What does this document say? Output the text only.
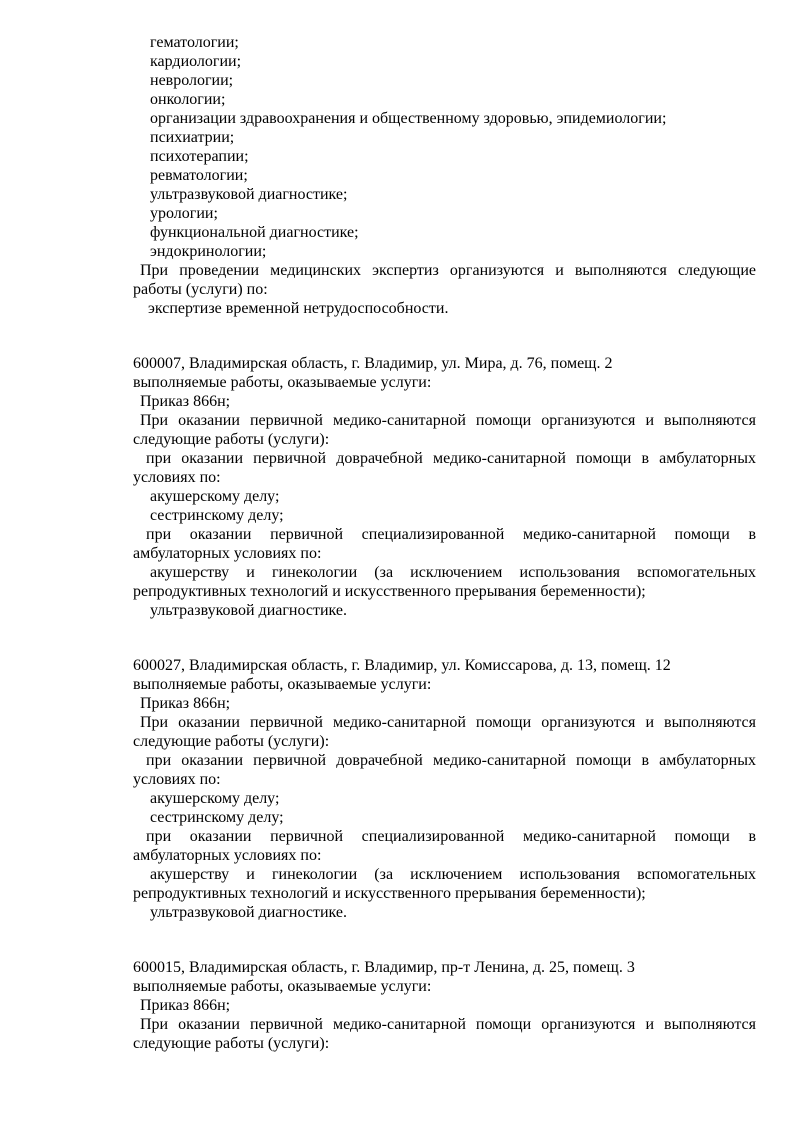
гематологии;

кардиологии;

неврологии;

онкологии;

организации здравоохранения и общественному здоровью, эпидемиологии;

психиатрии;

психотерапии;

ревматологии;

ультразвуковой диагностике;

урологии;

функциональной диагностике;

эндокринологии;

При проведении медицинских экспертиз организуются и выполняются следующие работы (услуги) по:

экспертизе временной нетрудоспособности.

600007, Владимирская область, г. Владимир, ул. Мира, д. 76, помещ. 2

выполняемые работы, оказываемые услуги:

Приказ 866н;

При оказании первичной медико-санитарной помощи организуются и выполняются следующие работы (услуги):

при оказании первичной доврачебной медико-санитарной помощи в амбулаторных условиях по:

акушерскому делу;

сестринскому делу;

при оказании первичной специализированной медико-санитарной помощи в амбулаторных условиях по:

акушерству и гинекологии (за исключением использования вспомогательных репродуктивных технологий и искусственного прерывания беременности);

ультразвуковой диагностике.

600027, Владимирская область, г. Владимир, ул. Комиссарова, д. 13, помещ. 12

выполняемые работы, оказываемые услуги:

Приказ 866н;

При оказании первичной медико-санитарной помощи организуются и выполняются следующие работы (услуги):

при оказании первичной доврачебной медико-санитарной помощи в амбулаторных условиях по:

акушерскому делу;

сестринскому делу;

при оказании первичной специализированной медико-санитарной помощи в амбулаторных условиях по:

акушерству и гинекологии (за исключением использования вспомогательных репродуктивных технологий и искусственного прерывания беременности);

ультразвуковой диагностике.

600015, Владимирская область, г. Владимир, пр-т Ленина, д. 25, помещ. 3

выполняемые работы, оказываемые услуги:

Приказ 866н;

При оказании первичной медико-санитарной помощи организуются и выполняются следующие работы (услуги):
